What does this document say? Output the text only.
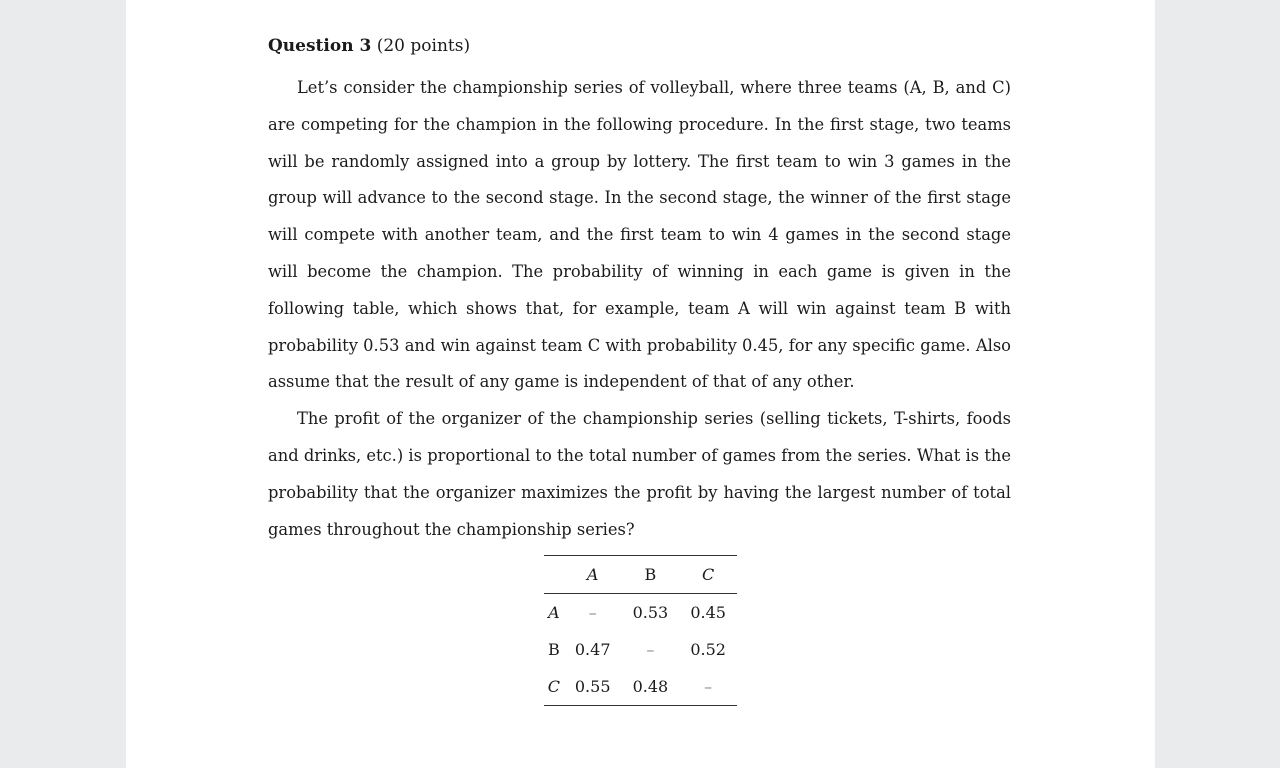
Question 3 (20 points)

Let’s consider the championship series of volleyball, where three teams (A, B, and C) are competing for the champion in the following procedure. In the first stage, two teams will be randomly assigned into a group by lottery. The first team to win 3 games in the group will advance to the second stage. In the second stage, the winner of the first stage will compete with another team, and the first team to win 4 games in the second stage will become the champion. The probability of winning in each game is given in the following table, which shows that, for example, team A will win against team B with probability 0.53 and win against team C with probability 0.45, for any specific game. Also assume that the result of any game is independent of that of any other.

The profit of the organizer of the championship series (selling tickets, T-shirts, foods and drinks, etc.) is proportional to the total number of games from the series. What is the probability that the organizer maximizes the profit by having the largest number of total games throughout the championship series?

	A	B	C
A	–	0.53	0.45
B	0.47	–	0.52
C	0.55	0.48	–
